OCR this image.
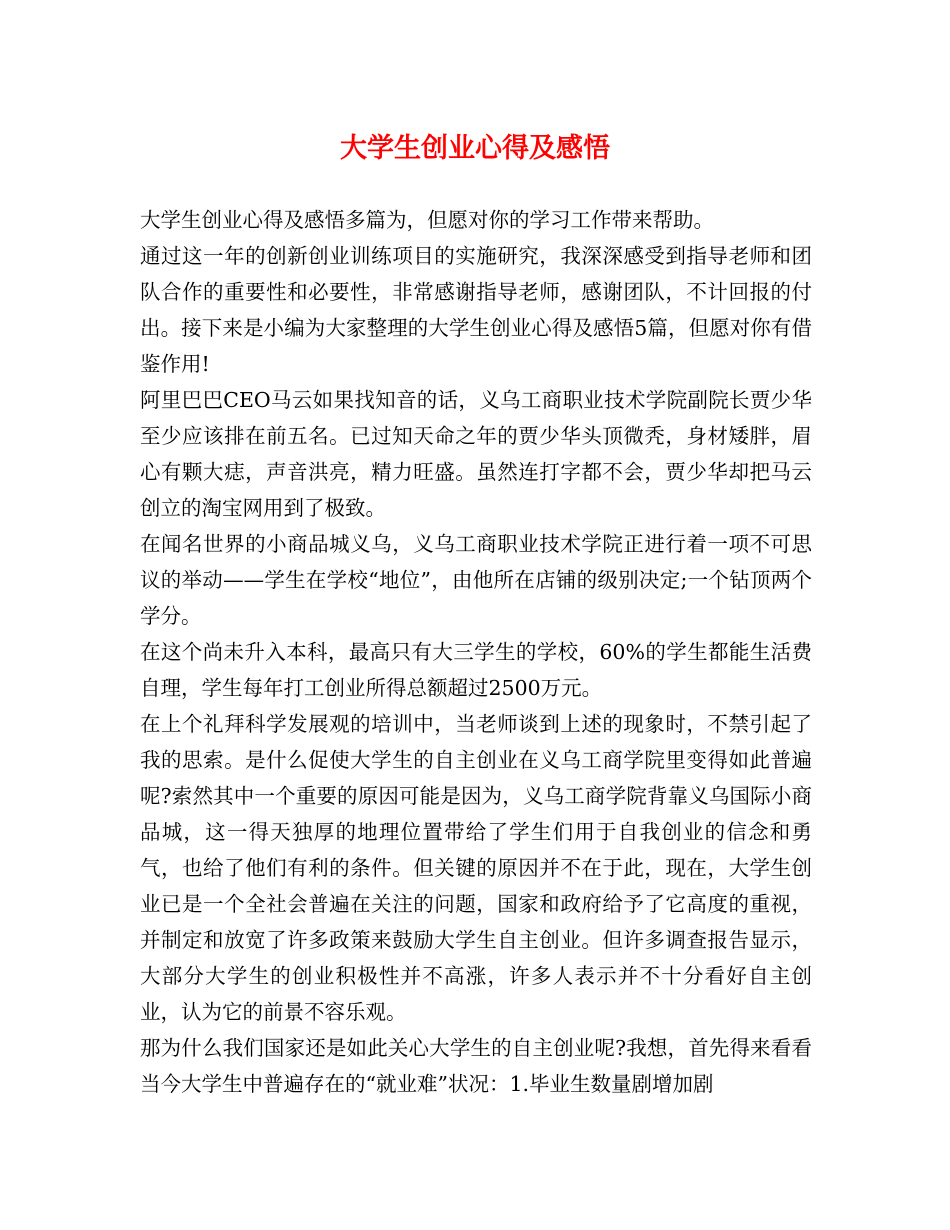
大学生创业心得及感悟

大学生创业心得及感悟多篇为，但愿对你的学习工作带来帮助。

通过这一年的创新创业训练项目的实施研究，我深深感受到指导老师和团队合作的重要性和必要性，非常感谢指导老师，感谢团队，不计回报的付出。接下来是小编为大家整理的大学生创业心得及感悟5篇，但愿对你有借鉴作用!

阿里巴巴CEO马云如果找知音的话，义乌工商职业技术学院副院长贾少华至少应该排在前五名。已过知天命之年的贾少华头顶微秃，身材矮胖，眉心有颗大痣，声音洪亮，精力旺盛。虽然连打字都不会，贾少华却把马云创立的淘宝网用到了极致。

在闻名世界的小商品城义乌，义乌工商职业技术学院正进行着一项不可思议的举动——学生在学校“地位”，由他所在店铺的级别决定;一个钻顶两个学分。

在这个尚未升入本科，最高只有大三学生的学校，60%的学生都能生活费自理，学生每年打工创业所得总额超过2500万元。

在上个礼拜科学发展观的培训中，当老师谈到上述的现象时，不禁引起了我的思索。是什么促使大学生的自主创业在义乌工商学院里变得如此普遍呢?索然其中一个重要的原因可能是因为，义乌工商学院背靠义乌国际小商品城，这一得天独厚的地理位置带给了学生们用于自我创业的信念和勇气，也给了他们有利的条件。但关键的原因并不在于此，现在，大学生创业已是一个全社会普遍在关注的问题，国家和政府给予了它高度的重视，并制定和放宽了许多政策来鼓励大学生自主创业。但许多调查报告显示，大部分大学生的创业积极性并不高涨，许多人表示并不十分看好自主创业，认为它的前景不容乐观。

那为什么我们国家还是如此关心大学生的自主创业呢?我想，首先得来看看当今大学生中普遍存在的“就业难”状况：1.毕业生数量剧增加剧
